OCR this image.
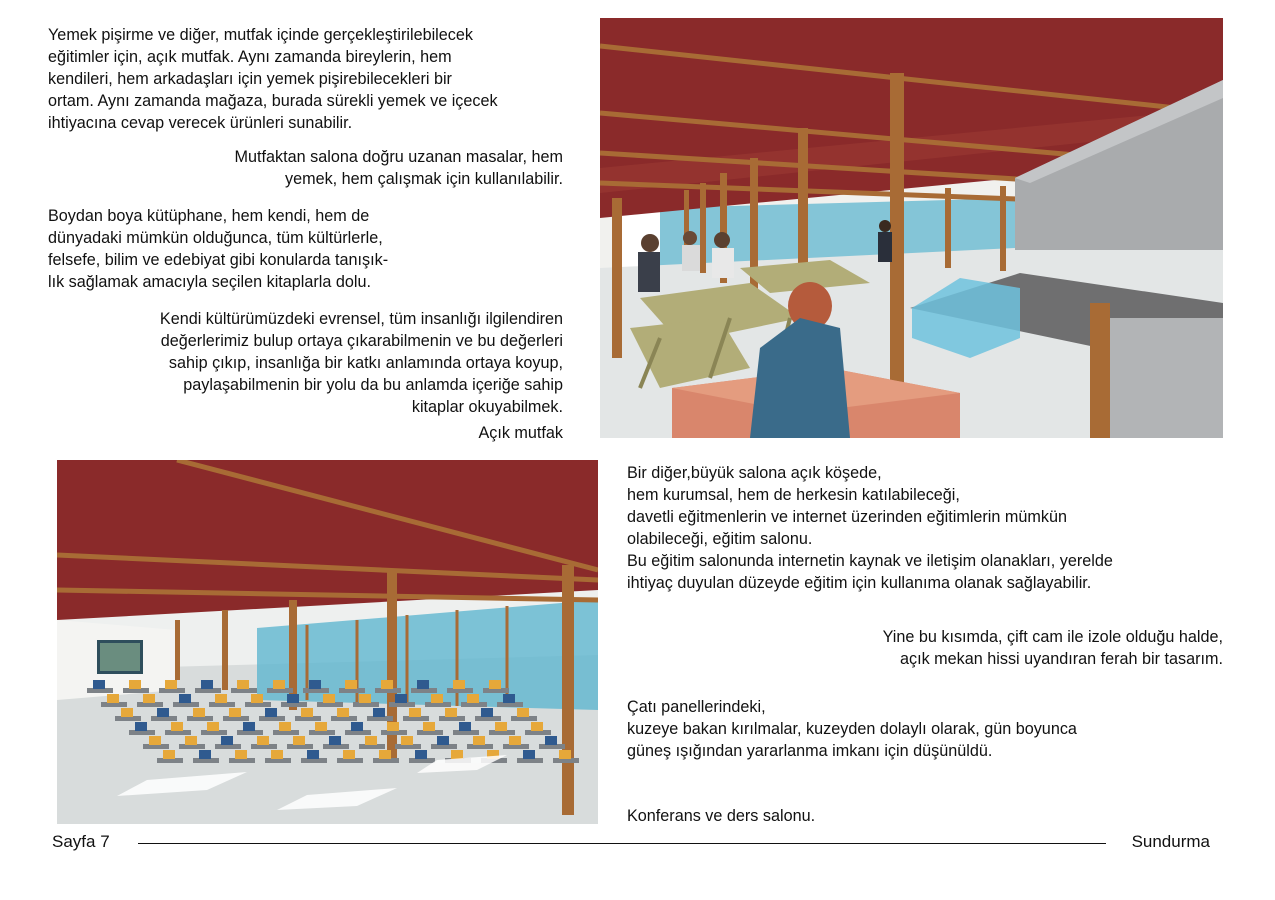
Yemek pişirme ve diğer, mutfak içinde gerçekleştirilebilecek
eğitimler için, açık mutfak. Aynı zamanda bireylerin, hem
kendileri, hem arkadaşları için yemek pişirebilecekleri bir
ortam. Aynı zamanda mağaza, burada sürekli yemek ve içecek
ihtiyacına cevap verecek ürünleri sunabilir.
Mutfaktan salona doğru uzanan masalar, hem
yemek, hem çalışmak için kullanılabilir.
Boydan boya kütüphane, hem kendi, hem de
dünyadaki mümkün olduğunca, tüm kültürlerle,
felsefe, bilim ve edebiyat gibi konularda tanışık-
lık sağlamak amacıyla seçilen kitaplarla dolu.
Kendi kültürümüzdeki evrensel, tüm insanlığı ilgilendiren
değerlerimiz bulup ortaya çıkarabilmenin ve bu değerleri
sahip çıkıp, insanlığa bir katkı anlamında ortaya koyup,
paylaşabilmenin bir yolu da bu anlamda içeriğe sahip
kitaplar okuyabilmek.
Açık mutfak
Bir diğer,büyük salona açık köşede,
hem kurumsal, hem de herkesin katılabileceği,
davetli eğitmenlerin ve internet üzerinden eğitimlerin mümkün
olabileceği, eğitim salonu.
Bu eğitim salonunda internetin kaynak ve iletişim olanakları, yerelde
ihtiyaç duyulan düzeyde eğitim için kullanıma olanak sağlayabilir.
Yine bu kısımda, çift cam ile izole olduğu halde,
açık mekan hissi uyandıran ferah bir tasarım.
Çatı panellerindeki,
kuzeye bakan kırılmalar, kuzeyden dolaylı olarak, gün boyunca
güneş ışığından yararlanma imkanı için düşünüldü.
Konferans ve ders salonu.
Sayfa 7	Sundurma
